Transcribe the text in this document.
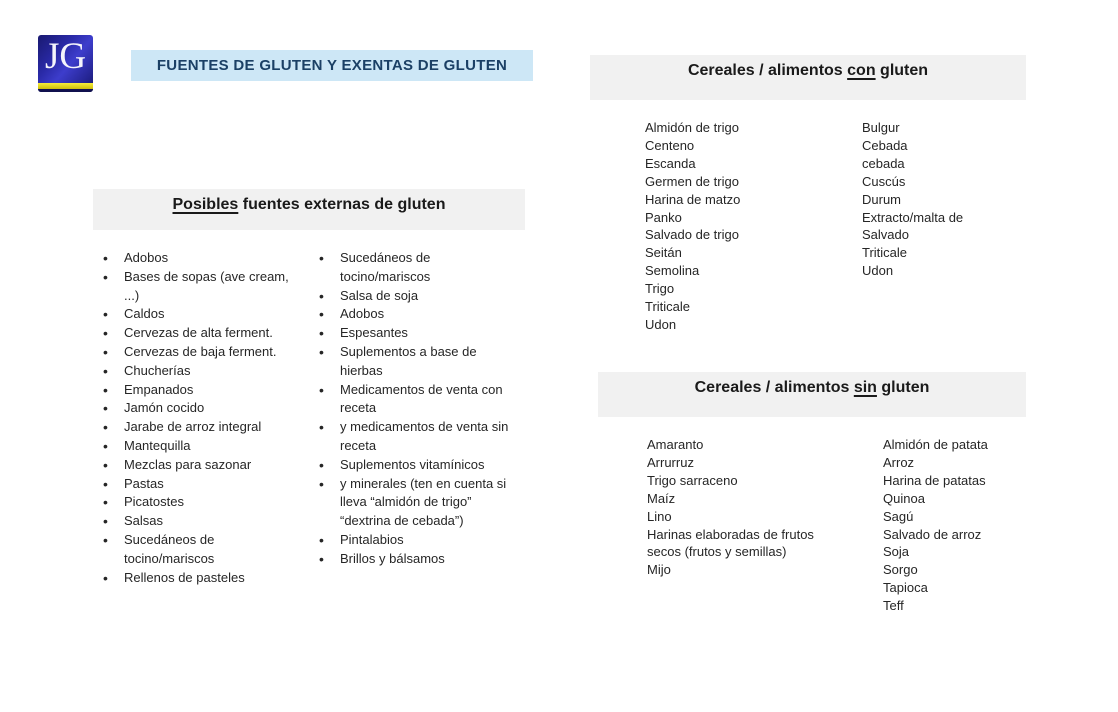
JG	FUENTES DE GLUTEN Y EXENTAS DE GLUTEN	Cereales / alimentos con gluten
Almidón de trigo
Centeno
Escanda
Germen de trigo
Harina de matzo
Panko
Salvado de trigo
Seitán
Semolina
Trigo
Triticale
Udon
Bulgur
Cebada
cebada
Cuscús
Durum
Extracto/malta de
Salvado
Triticale
Udon
Posibles fuentes externas de gluten
• Adobos
• Bases de sopas (ave cream, ...)
• Caldos
• Cervezas de alta ferment.
• Cervezas de baja ferment.
• Chucherías
• Empanados
• Jamón cocido
• Jarabe de arroz integral
• Mantequilla
• Mezclas para sazonar
• Pastas
• Picatostes
• Salsas
• Sucedáneos de tocino/mariscos
• Rellenos de pasteles
• Sucedáneos de tocino/mariscos
• Salsa de soja
• Adobos
• Espesantes
• Suplementos a base de hierbas
• Medicamentos de venta con receta
• y medicamentos de venta sin receta
• Suplementos vitamínicos
• y minerales (ten en cuenta si lleva “almidón de trigo” “dextrina de cebada”)
• Pintalabios
• Brillos y bálsamos
Cereales / alimentos sin gluten
Amaranto
Arrurruz
Trigo sarraceno
Maíz
Lino
Harinas elaboradas de frutos
secos (frutos y semillas)
Mijo
Almidón de patata
Arroz
Harina de patatas
Quinoa
Sagú
Salvado de arroz
Soja
Sorgo
Tapioca
Teff
